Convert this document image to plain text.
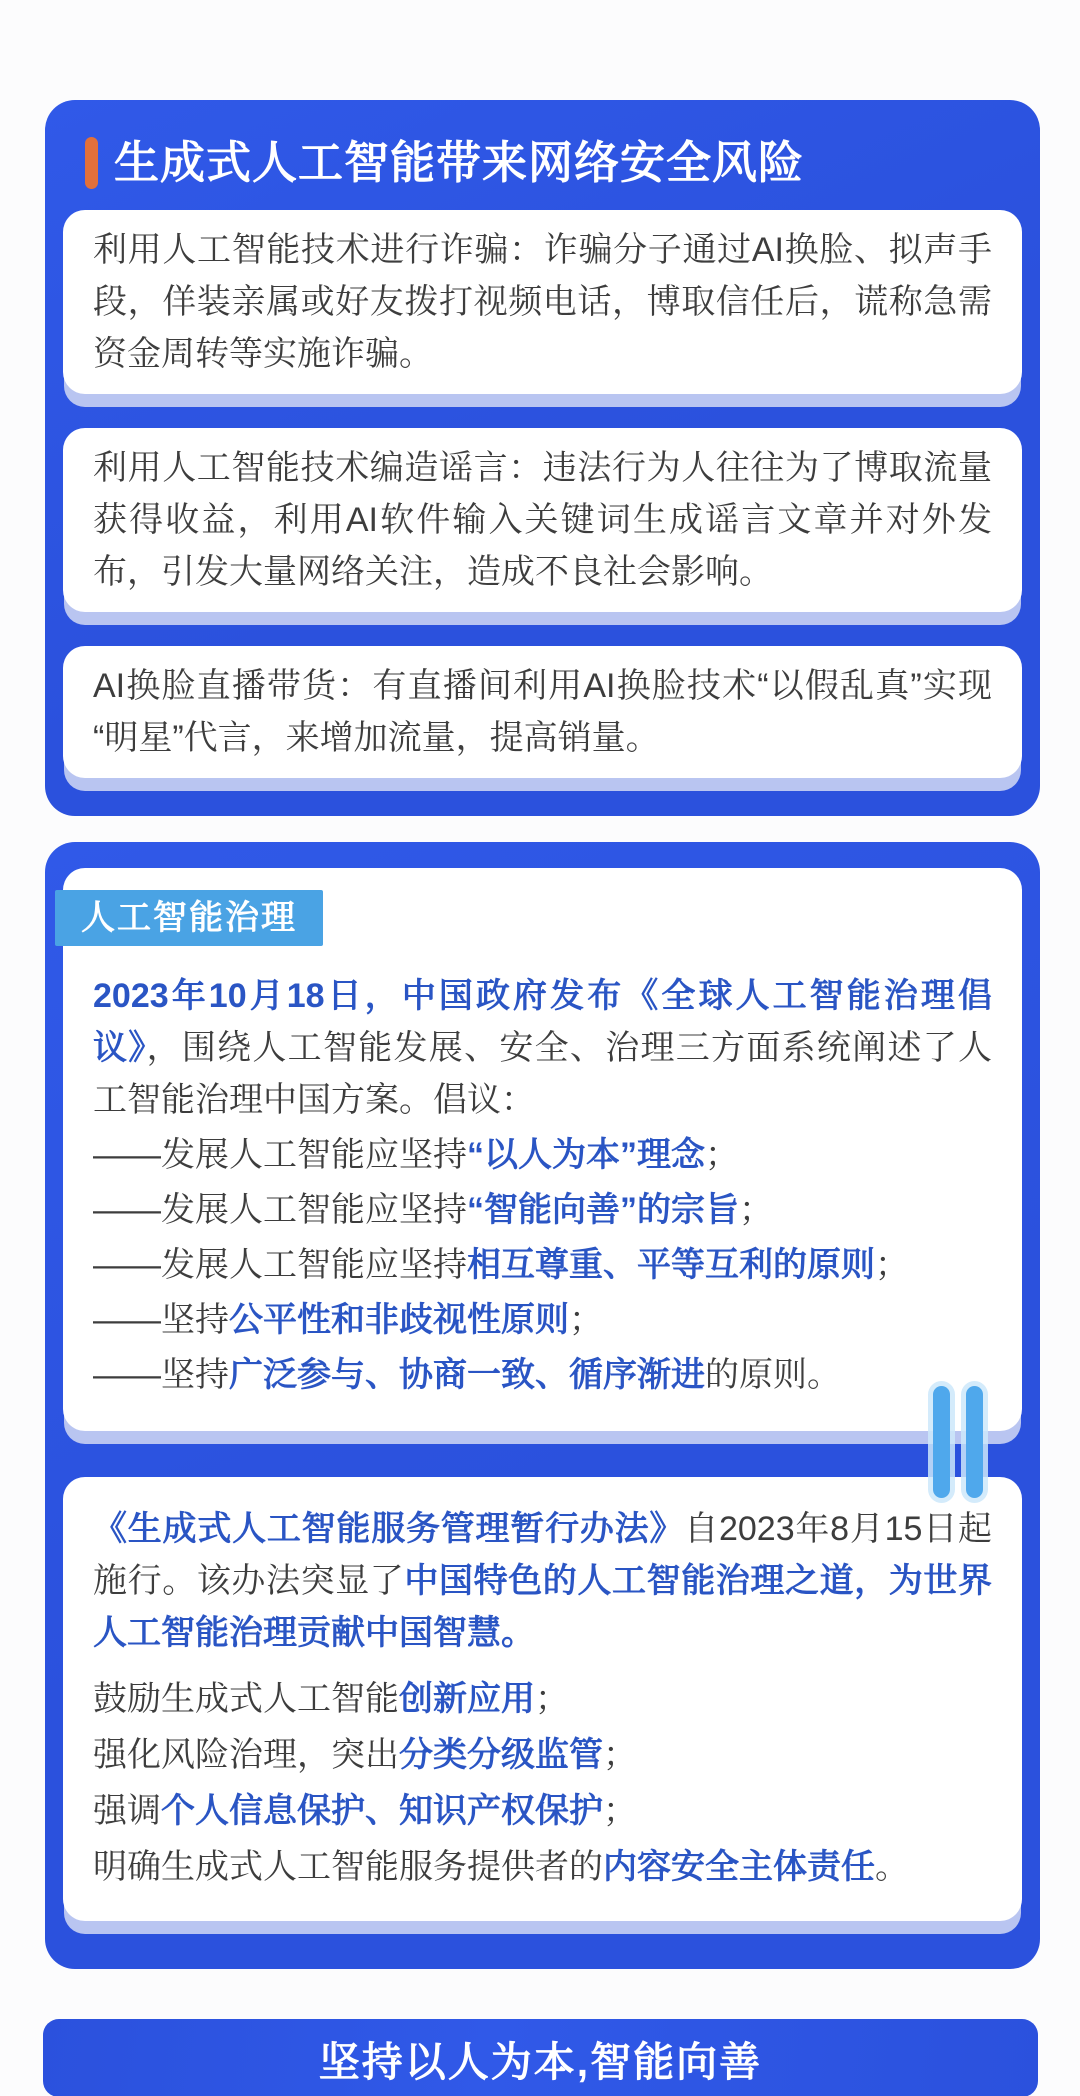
生成式人工智能带来网络安全风险

利用人工智能技术进行诈骗：诈骗分子通过AI换脸、拟声手段，佯装亲属或好友拨打视频电话，博取信任后，谎称急需资金周转等实施诈骗。

利用人工智能技术编造谣言：违法行为人往往为了博取流量获得收益，利用AI软件输入关键词生成谣言文章并对外发布，引发大量网络关注，造成不良社会影响。

AI换脸直播带货：有直播间利用AI换脸技术“以假乱真”实现“明星”代言，来增加流量，提高销量。

人工智能治理

2023年10月18日，中国政府发布《全球人工智能治理倡议》，围绕人工智能发展、安全、治理三方面系统阐述了人工智能治理中国方案。倡议：

——发展人工智能应坚持“以人为本”理念；

——发展人工智能应坚持“智能向善”的宗旨；

——发展人工智能应坚持相互尊重、平等互利的原则；

——坚持公平性和非歧视性原则；

——坚持广泛参与、协商一致、循序渐进的原则。

《生成式人工智能服务管理暂行办法》自2023年8月15日起施行。该办法突显了中国特色的人工智能治理之道，为世界人工智能治理贡献中国智慧。

鼓励生成式人工智能创新应用；

强化风险治理，突出分类分级监管；

强调个人信息保护、知识产权保护；

明确生成式人工智能服务提供者的内容安全主体责任。

坚持以人为本,智能向善
